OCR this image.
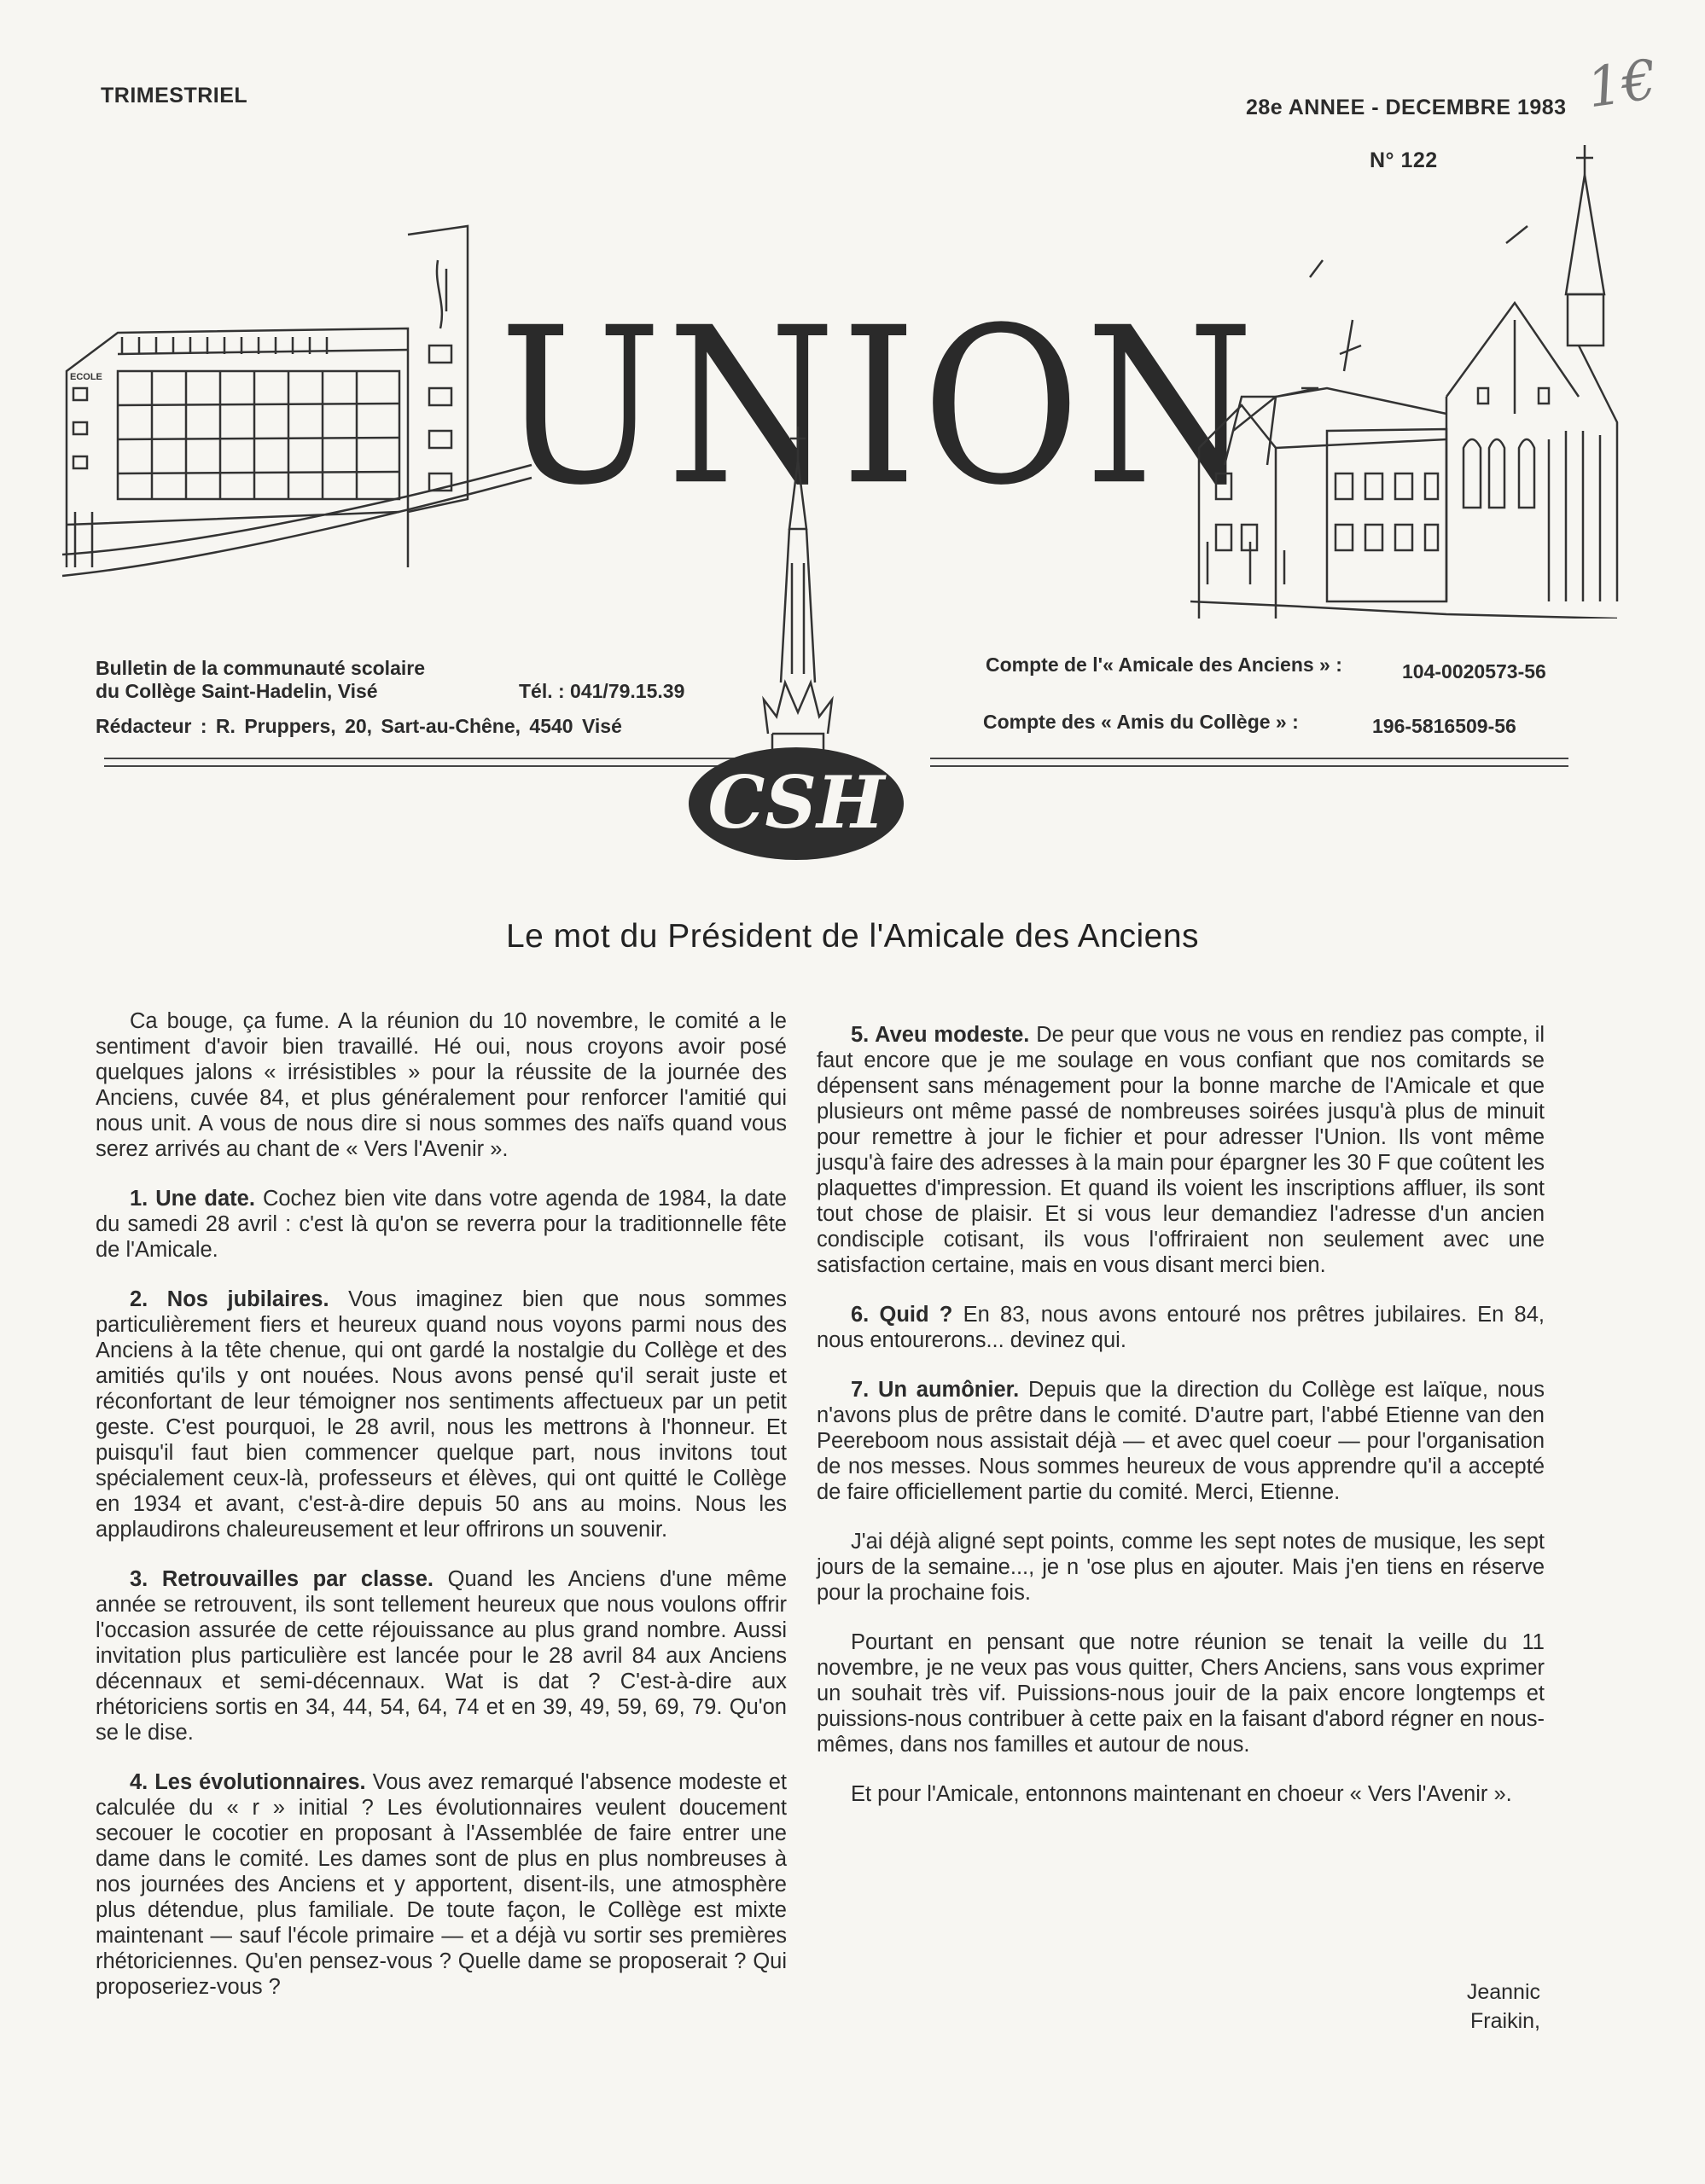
TRIMESTRIEL	28e ANNEE - DECEMBRE 1983
N° 122
1€
ECOLE UNION
Bulletin de la communauté scolaire
du Collège Saint-Hadelin, Visé	Tél. : 041/79.15.39
Rédacteur : R. Pruppers, 20, Sart-au-Chêne, 4540 Visé
Compte de l'« Amicale des Anciens » :	104-0020573-56
Compte des « Amis du Collège » :	196-5816509-56
CSH
Le mot du Président de l'Amicale des Anciens

Ca bouge, ça fume. A la réunion du 10 novembre, le comité a le sentiment d'avoir bien travaillé. Hé oui, nous croyons avoir posé quelques jalons « irrésistibles » pour la réussite de la journée des Anciens, cuvée 84, et plus généralement pour renforcer l'amitié qui nous unit. A vous de nous dire si nous sommes des naïfs quand vous serez arrivés au chant de « Vers l'Avenir ».

1. Une date. Cochez bien vite dans votre agenda de 1984, la date du samedi 28 avril : c'est là qu'on se reverra pour la traditionnelle fête de l'Amicale.

2. Nos jubilaires. Vous imaginez bien que nous sommes particulièrement fiers et heureux quand nous voyons parmi nous des Anciens à la tête chenue, qui ont gardé la nostalgie du Collège et des amitiés qu'ils y ont nouées. Nous avons pensé qu'il serait juste et réconfortant de leur témoigner nos sentiments affectueux par un petit geste. C'est pourquoi, le 28 avril, nous les mettrons à l'honneur. Et puisqu'il faut bien commencer quelque part, nous invitons tout spécialement ceux-là, professeurs et élèves, qui ont quitté le Collège en 1934 et avant, c'est-à-dire depuis 50 ans au moins. Nous les applaudirons chaleureusement et leur offrirons un souvenir.

3. Retrouvailles par classe. Quand les Anciens d'une même année se retrouvent, ils sont tellement heureux que nous voulons offrir l'occasion assurée de cette réjouissance au plus grand nombre. Aussi invitation plus particulière est lancée pour le 28 avril 84 aux Anciens décennaux et semi-décennaux. Wat is dat ? C'est-à-dire aux rhétoriciens sortis en 34, 44, 54, 64, 74 et en 39, 49, 59, 69, 79. Qu'on se le dise.

4. Les évolutionnaires. Vous avez remarqué l'absence modeste et calculée du « r » initial ? Les évolutionnaires veulent doucement secouer le cocotier en proposant à l'Assemblée de faire entrer une dame dans le comité. Les dames sont de plus en plus nombreuses à nos journées des Anciens et y apportent, disent-ils, une atmosphère plus détendue, plus familiale. De toute façon, le Collège est mixte maintenant — sauf l'école primaire — et a déjà vu sortir ses premières rhétoriciennes. Qu'en pensez-vous ? Quelle dame se proposerait ? Qui proposeriez-vous ?

5. Aveu modeste. De peur que vous ne vous en rendiez pas compte, il faut encore que je me soulage en vous confiant que nos comitards se dépensent sans ménagement pour la bonne marche de l'Amicale et que plusieurs ont même passé de nombreuses soirées jusqu'à plus de minuit pour remettre à jour le fichier et pour adresser l'Union. Ils vont même jusqu'à faire des adresses à la main pour épargner les 30 F que coûtent les plaquettes d'impression. Et quand ils voient les inscriptions affluer, ils sont tout chose de plaisir. Et si vous leur demandiez l'adresse d'un ancien condisciple cotisant, ils vous l'offriraient non seulement avec une satisfaction certaine, mais en vous disant merci bien.

6. Quid ? En 83, nous avons entouré nos prêtres jubilaires. En 84, nous entourerons... devinez qui.

7. Un aumônier. Depuis que la direction du Collège est laïque, nous n'avons plus de prêtre dans le comité. D'autre part, l'abbé Etienne van den Peereboom nous assistait déjà — et avec quel coeur — pour l'organisation de nos messes. Nous sommes heureux de vous apprendre qu'il a accepté de faire officiellement partie du comité. Merci, Etienne.

J'ai déjà aligné sept points, comme les sept notes de musique, les sept jours de la semaine..., je n 'ose plus en ajouter. Mais j'en tiens en réserve pour la prochaine fois.

Pourtant en pensant que notre réunion se tenait la veille du 11 novembre, je ne veux pas vous quitter, Chers Anciens, sans vous exprimer un souhait très vif. Puissions-nous jouir de la paix encore longtemps et puissions-nous contribuer à cette paix en la faisant d'abord régner en nous-mêmes, dans nos familles et autour de nous.

Et pour l'Amicale, entonnons maintenant en choeur « Vers l'Avenir ».

Jeannic
Fraikin,
